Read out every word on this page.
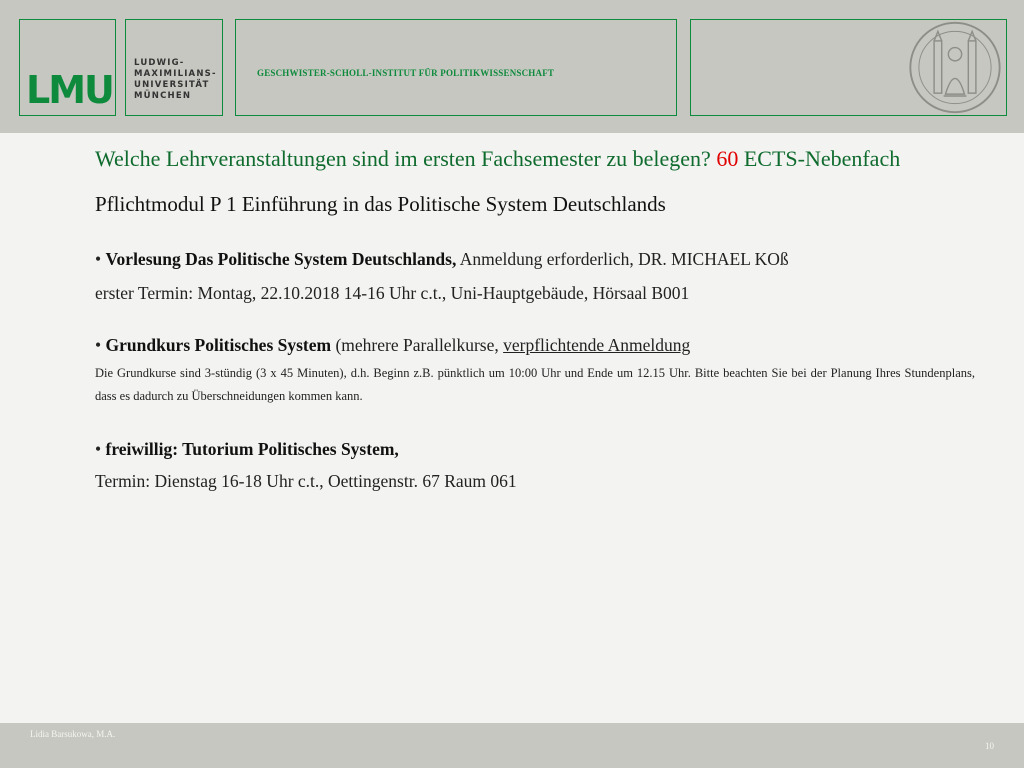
LMU
LUDWIG-
MAXIMILIANS-
UNIVERSITÄT
MÜNCHEN
GESCHWISTER-SCHOLL-INSTITUT FÜR POLITIKWISSENSCHAFT
Welche Lehrveranstaltungen sind im ersten Fachsemester zu belegen? 60 ECTS-Nebenfach
Pflichtmodul P 1 Einführung in das Politische System Deutschlands

• Vorlesung Das Politische System Deutschlands, Anmeldung erforderlich, DR. MICHAEL KOß

erster Termin: Montag, 22.10.2018 14-16 Uhr c.t., Uni-Hauptgebäude, Hörsaal B001

• Grundkurs Politisches System (mehrere Parallelkurse, verpflichtende Anmeldung

Die Grundkurse sind 3-stündig (3 x 45 Minuten), d.h. Beginn z.B. pünktlich um 10:00 Uhr und Ende um 12.15 Uhr. Bitte beachten Sie bei der Planung Ihres Stundenplans, dass es dadurch zu Überschneidungen kommen kann.

• freiwillig: Tutorium Politisches System,

Termin: Dienstag 16-18 Uhr c.t., Oettingenstr. 67 Raum 061

Lidia Barsukowa, M.A.
10
